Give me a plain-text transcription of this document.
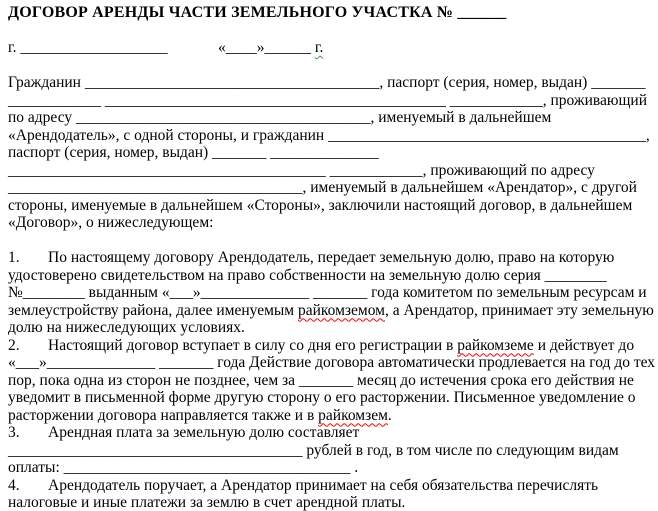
ДОГОВОР АРЕНДЫ ЧАСТИ ЗЕМЕЛЬНОГО УЧАСТКА № ______

г. ___________________             «____»______ г.

Гражданин ______________________________________, паспорт (серия, номер, выдан) _______
____________ ____________________________________________ ____________, проживающий
по адресу ______________________________________, именуемый в дальнейшем
«Арендодатель», с одной стороны, и гражданин _________________________________________,
паспорт (серия, номер, выдан) _______ ______________
_________________________________________ ____________, проживающий по адресу
______________________________________, именуемый в дальнейшем «Арендатор», с другой
стороны, именуемые в дальнейшем «Стороны», заключили настоящий договор, в дальнейшем
«Договор», о нижеследующем:

1. По настоящему договору Арендодатель, передает земельную долю, право на которую
удостоверено свидетельством на право собственности на земельную долю серия ________
№________ выданным «___»______________ _______ года комитетом по земельным ресурсам и
землеустройству района, далее именуемым райкомземом, а Арендатор, принимает эту земельную
долю на нижеследующих условиях.
2. Настоящий договор вступает в силу со дня его регистрации в райкомземе и действует до
«___»______________ _______ года Действие договора автоматически продлевается на год до тех
пор, пока одна из сторон не позднее, чем за _______ месяц до истечения срока его действия не
уведомит в письменной форме другую сторону о его расторжении. Письменное уведомление о
расторжении договора направляется также и в райкомзем.
3. Арендная плата за земельную долю составляет
______________________________________ рублей в год, в том числе по следующим видам
оплаты: _____________________________________ .
4. Арендодатель поручает, а Арендатор принимает на себя обязательства перечислять
налоговые и иные платежи за землю в счет арендной платы.
